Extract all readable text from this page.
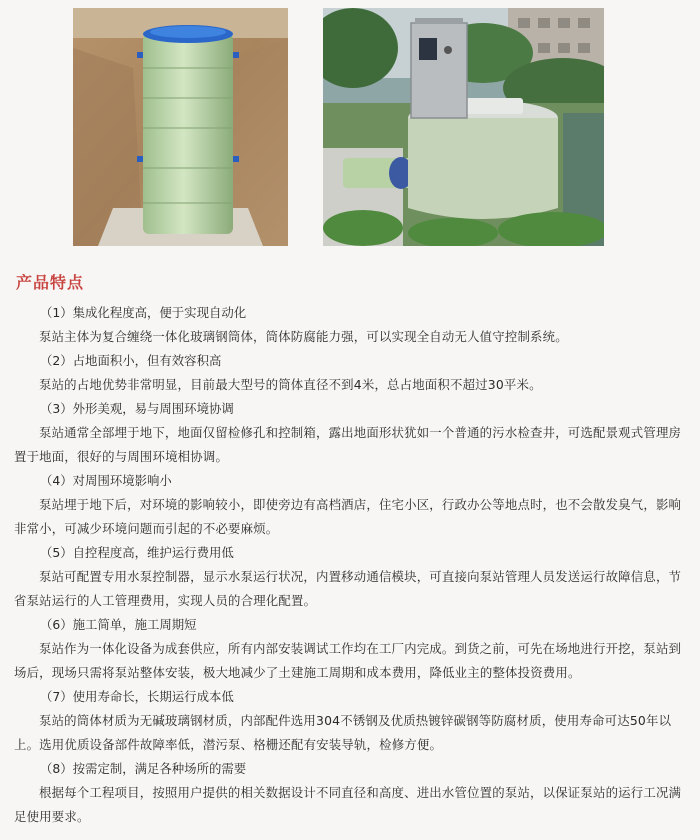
产品特点
（1）集成化程度高，便于实现自动化
泵站主体为复合缠绕一体化玻璃钢筒体，筒体防腐能力强，可以实现全自动无人值守控制系统。
（2）占地面积小，但有效容积高
泵站的占地优势非常明显，目前最大型号的筒体直径不到4米，总占地面积不超过30平米。
（3）外形美观，易与周围环境协调
泵站通常全部埋于地下，地面仅留检修孔和控制箱，露出地面形状犹如一个普通的污水检查井，可选配景观式管理房置于地面，很好的与周围环境相协调。
（4）对周围环境影响小
泵站埋于地下后，对环境的影响较小，即使旁边有高档酒店，住宅小区，行政办公等地点时，也不会散发臭气，影响非常小，可减少环境问题而引起的不必要麻烦。
（5）自控程度高，维护运行费用低
泵站可配置专用水泵控制器，显示水泵运行状况，内置移动通信模块，可直接向泵站管理人员发送运行故障信息，节省泵站运行的人工管理费用，实现人员的合理化配置。
（6）施工简单，施工周期短
泵站作为一体化设备为成套供应，所有内部安装调试工作均在工厂内完成。到货之前，可先在场地进行开挖，泵站到场后，现场只需将泵站整体安装，极大地减少了土建施工周期和成本费用，降低业主的整体投资费用。
（7）使用寿命长，长期运行成本低
泵站的筒体材质为无碱玻璃钢材质，内部配件选用304不锈钢及优质热镀锌碳钢等防腐材质，使用寿命可达50年以上。选用优质设备部件故障率低，潜污泵、格栅还配有安装导轨，检修方便。
（8）按需定制，满足各种场所的需要
根据每个工程项目，按照用户提供的相关数据设计不同直径和高度、进出水管位置的泵站，以保证泵站的运行工况满足使用要求。
